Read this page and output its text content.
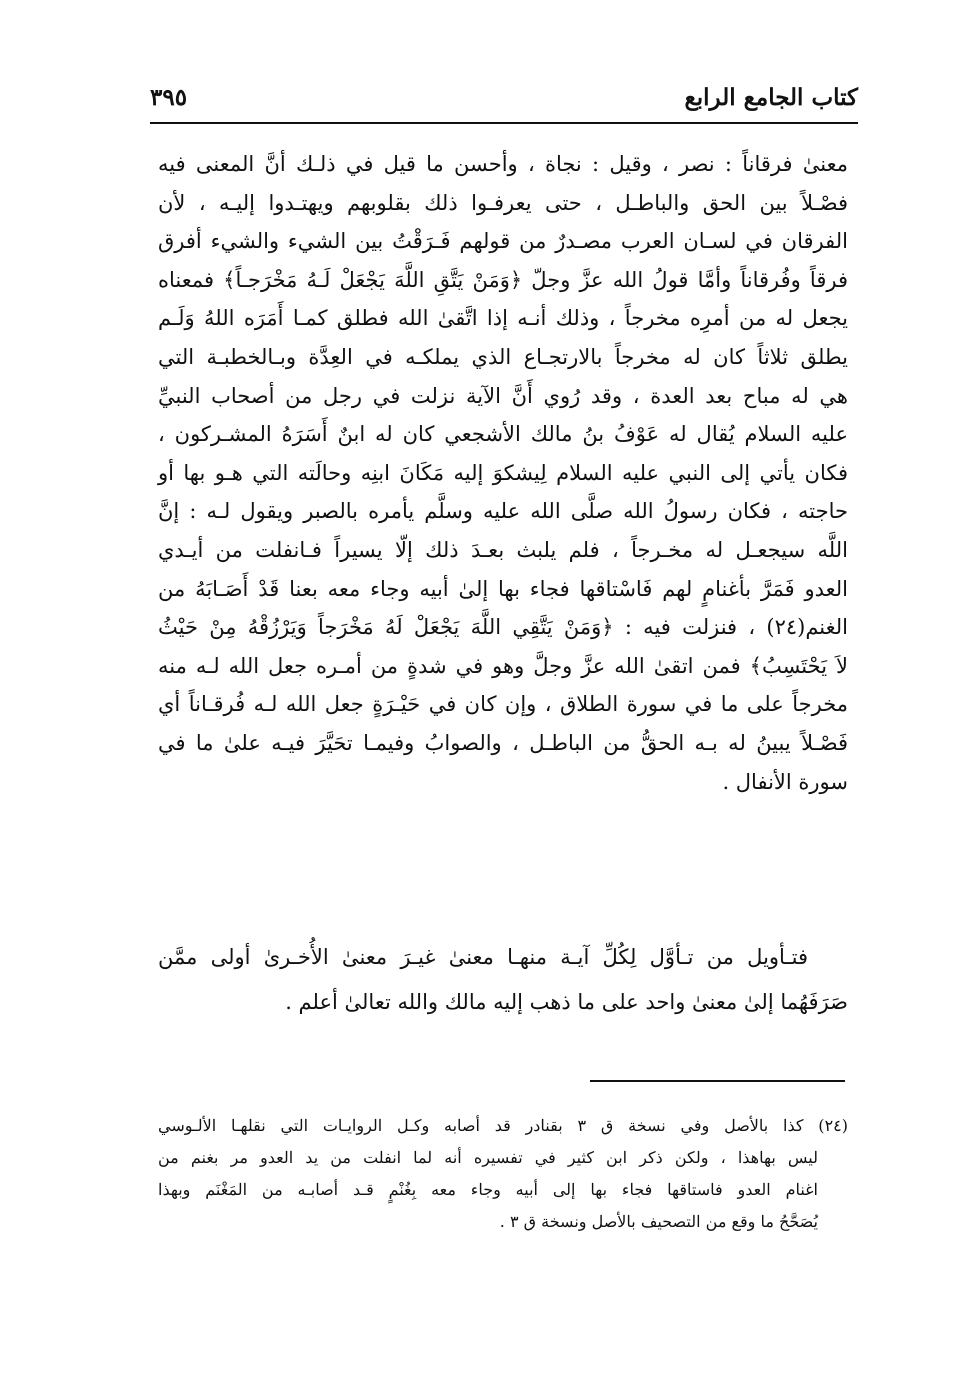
كتاب الجامع الرابع
٣٩٥
معنىٰ فرقاناً : نصر ، وقيل : نجاة ، وأحسن ما قيل في ذلـك أنَّ المعنى فيه
فصْـلاً بين الحق والباطـل ، حتى يعرفـوا ذلك بقلوبهم ويهتـدوا إليـه ، لأن
الفرقان في لسـان العرب مصـدرٌ من قولهم فَـرَقْتُ بين الشيء والشيء أفرق
فرقاً وفُرقاناً وأمَّا قولُ الله عزَّ وجلّ ﴿وَمَنْ يَتَّقِ اللَّهَ يَجْعَلْ لَـهُ مَخْرَجـاً﴾ فمعناه
يجعل له من أمرِه مخرجاً ، وذلك أنـه إذا اتَّقىٰ الله فطلق كمـا أَمَرَه اللهُ وَلَـم
يطلق ثلاثاً كان له مخرجاً بالارتجـاع الذي يملكـه في العِدَّة وبـالخطبـة التي
هي له مباح بعد العدة ، وقد رُوي أَنَّ الآية نزلت في رجل من أصحاب النبيِّ
عليه السلام يُقال له عَوْفُ بنُ مالك الأشجعي كان له ابنٌ أَسَرَهُ المشـركون ،
فكان يأتي إلى النبي عليه السلام لِيشكوَ إليه مَكَانَ ابنِه وحالَته التي هـو بها أو
حاجته ، فكان رسولُ الله صلَّى الله عليه وسلَّم يأمره بالصبر ويقول لـه : إنَّ
اللَّه سيجعـل له مخـرجاً ، فلم يلبث بعـدَ ذلك إلّا يسيراً فـانفلت من أيـدي
العدو فَمَرَّ بأغنامٍ لهم فَاسْتاقها فجاء بها إلىٰ أبيه وجاء معه بعنا قَدْ أَصَـابَهُ من
الغنم(٢٤) ، فنزلت فيه : ﴿وَمَنْ يَتَّقِي اللَّهَ يَجْعَلْ لَهُ مَخْرَجاً وَيَرْزُقْهُ مِنْ حَيْثُ
لاَ يَحْتَسِبُ﴾ فمن اتقىٰ الله عزَّ وجلَّ وهو في شدةٍ من أمـره جعل الله لـه منه
مخرجاً على ما في سورة الطلاق ، وإن كان في حَيْـرَةٍ جعل الله لـه فُرقـاناً أي
فَصْـلاً يبينُ له بـه الحقُّ من الباطـل ، والصوابُ وفيمـا تحَيَّرَ فيـه علىٰ ما في
سورة الأنفال .
فتـأويل من تـأوَّل لِكُلِّ آيـة منهـا معنىٰ غيـرَ معنىٰ الأُخـرىٰ أولى ممَّن
صَرَفَهُما إلىٰ معنىٰ واحد على ما ذهب إليه مالك والله تعالىٰ أعلم .
(٢٤) كذا بالأصل وفي نسخة ق ٣ بقنادر قد أصابه وكـل الروايـات التي نقلهـا الألـوسي
ليس بهاهذا ، ولكن ذكر ابن كثير في تفسيره أنه لما انفلت من يد العدو مر بغنم من
اغنام العدو فاستاقها فجاء بها إلى أبيه وجاء معه بِغُنْمٍ قـد أصابـه من المَغْنَم وبهذا
يُصَحَّحُ ما وقع من التصحيف بالأصل ونسخة ق ٣ .
